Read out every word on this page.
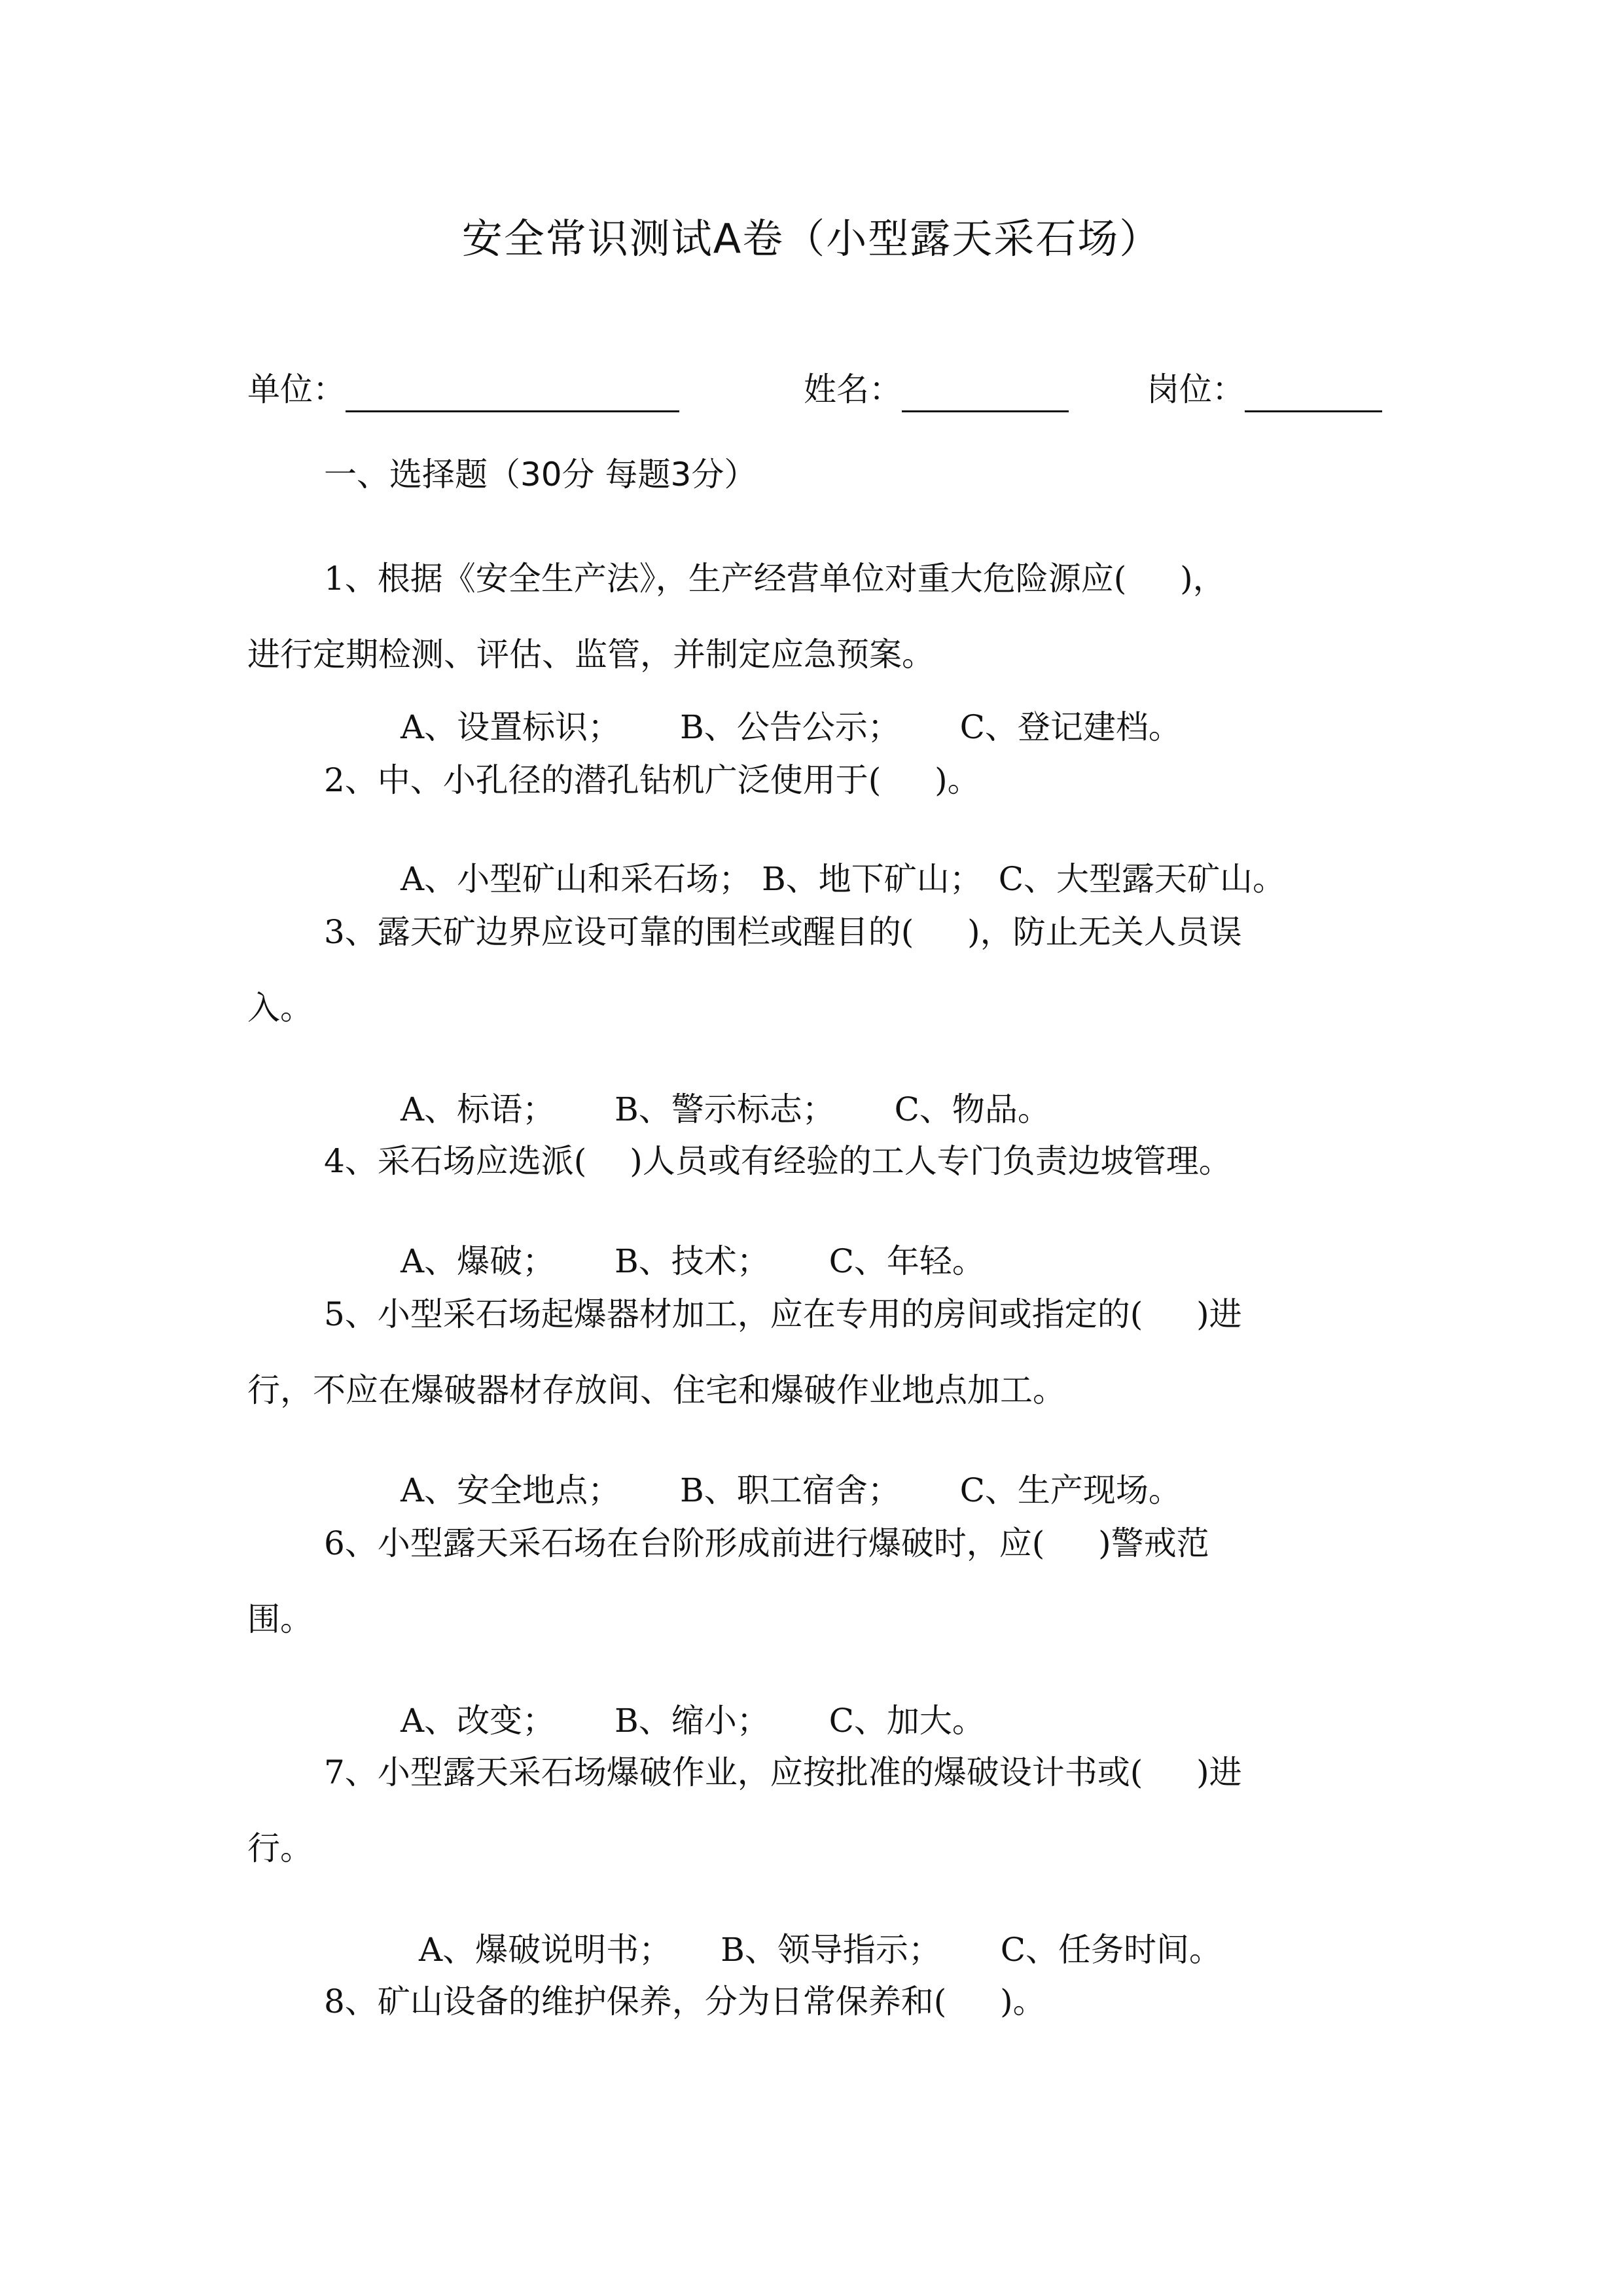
安全常识测试A卷（小型露天采石场）
单位：	姓名：	岗位：
一、选择题（30分 每题3分）
1、根据《安全生产法》，生产经营单位对重大危险源应(　  )，
进行定期检测、评估、监管，并制定应急预案。
A、设置标识；　　 B、公告公示；　　 C、登记建档。
2、中、小孔径的潜孔钻机广泛使用于(　  )。
A、小型矿山和采石场； B、地下矿山；　C、大型露天矿山。
3、露天矿边界应设可靠的围栏或醒目的(　  )，防止无关人员误
入。
A、标语；　　 B、警示标志；　　 C、物品。
4、采石场应选派(　 )人员或有经验的工人专门负责边坡管理。
A、爆破；　　 B、技术；　　 C、年轻。
5、小型采石场起爆器材加工，应在专用的房间或指定的(　  )进
行，不应在爆破器材存放间、住宅和爆破作业地点加工。
A、安全地点；　　 B、职工宿舍；　　 C、生产现场。
6、小型露天采石场在台阶形成前进行爆破时，应(　  )警戒范
围。
A、改变；　　 B、缩小；　　 C、加大。
7、小型露天采石场爆破作业，应按批准的爆破设计书或(　  )进
行。
A、爆破说明书；　　B、领导指示；　　 C、任务时间。
8、矿山设备的维护保养，分为日常保养和(　  )。
